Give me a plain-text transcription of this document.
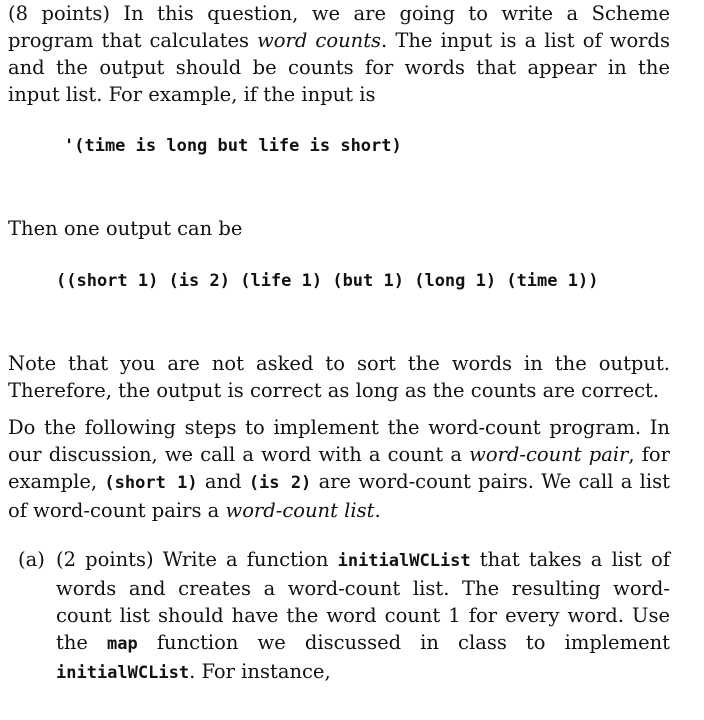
(8 points) In this question, we are going to write a Scheme program that calculates word counts. The input is a list of words and the output should be counts for words that appear in the input list. For example, if the input is
'(time is long but life is short)
Then one output can be
((short 1) (is 2) (life 1) (but 1) (long 1) (time 1))
Note that you are not asked to sort the words in the output. Therefore, the output is correct as long as the counts are correct.
Do the following steps to implement the word-count program. In our discussion, we call a word with a count a word-count pair, for example, (short 1) and (is 2) are word-count pairs. We call a list of word-count pairs a word-count list.
(a) (2 points) Write a function initialWCList that takes a list of words and creates a word-count list. The resulting word-count list should have the word count 1 for every word. Use the map function we discussed in class to implement initialWCList. For instance,
